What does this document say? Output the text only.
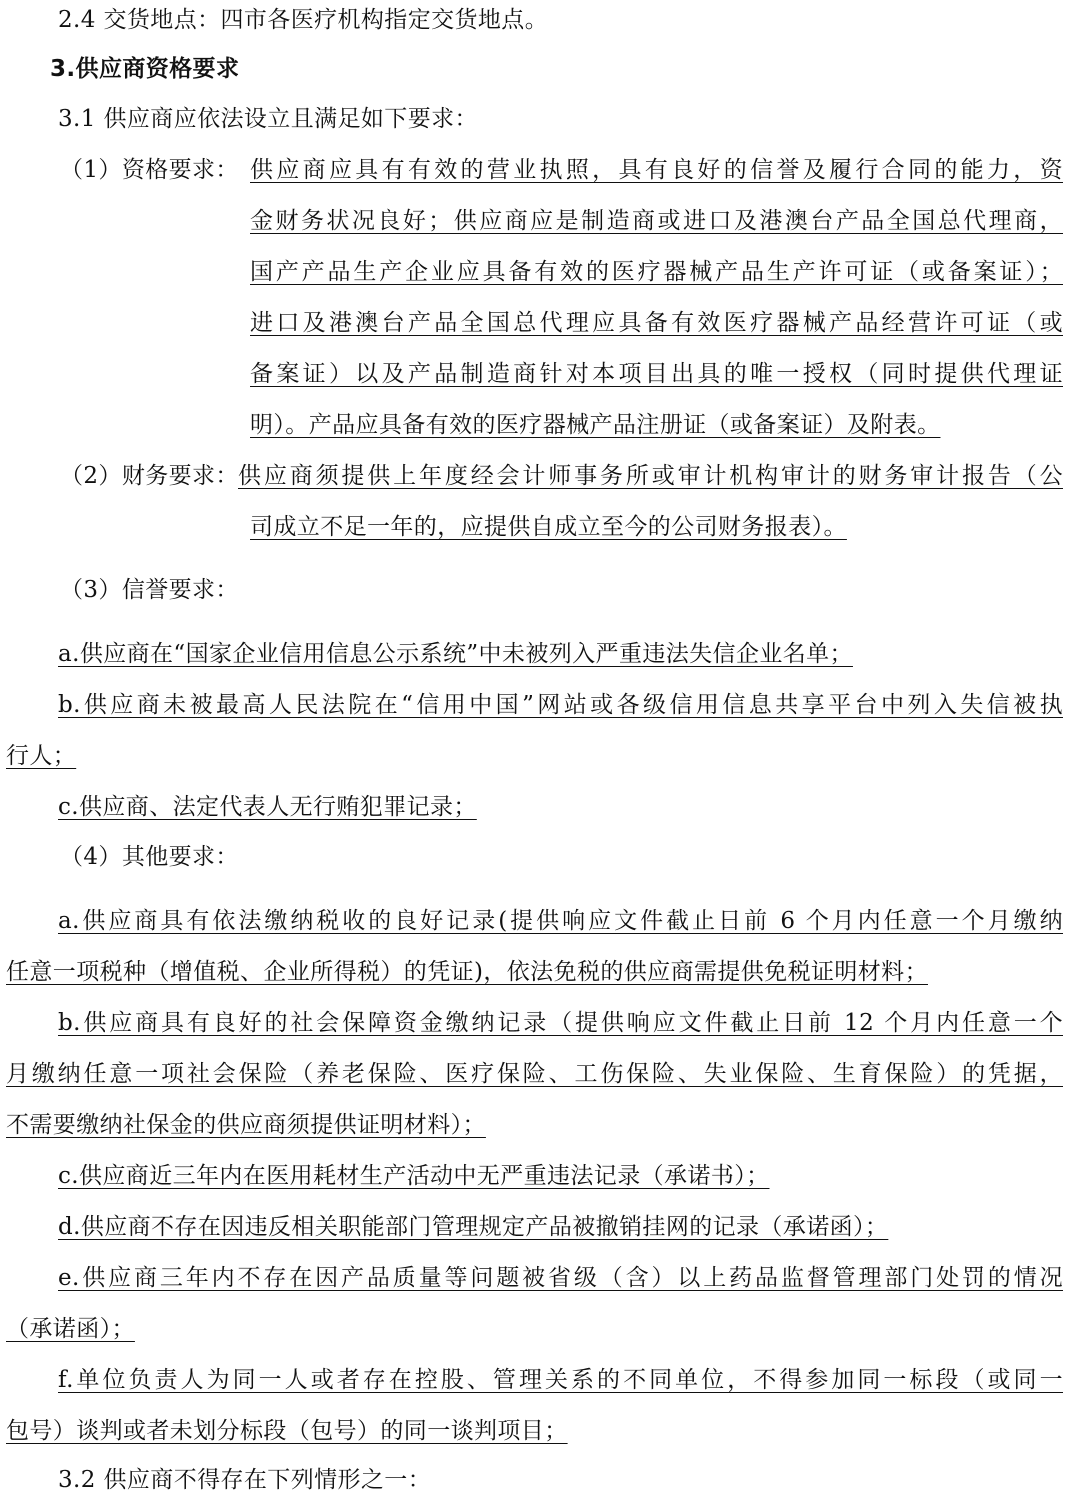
2.4 交货地点：四市各医疗机构指定交货地点。
3.供应商资格要求
3.1 供应商应依法设立且满足如下要求：
（1）资格要求： 供应商应具有有效的营业执照，具有良好的信誉及履行合同的能力，资
金财务状况良好；供应商应是制造商或进口及港澳台产品全国总代理商，
国产产品生产企业应具备有效的医疗器械产品生产许可证（或备案证）；
进口及港澳台产品全国总代理应具备有效医疗器械产品经营许可证（或
备案证）以及产品制造商针对本项目出具的唯一授权（同时提供代理证
明）。产品应具备有效的医疗器械产品注册证（或备案证）及附表。
（2）财务要求： 供应商须提供上年度经会计师事务所或审计机构审计的财务审计报告（公
司成立不足一年的，应提供自成立至今的公司财务报表）。
（3）信誉要求：
a.供应商在“国家企业信用信息公示系统”中未被列入严重违法失信企业名单；
b.供应商未被最高人民法院在“信用中国”网站或各级信用信息共享平台中列入失信被执
行人；
c.供应商、法定代表人无行贿犯罪记录；
（4）其他要求：
a.供应商具有依法缴纳税收的良好记录(提供响应文件截止日前 6 个月内任意一个月缴纳
任意一项税种（增值税、企业所得税）的凭证)，依法免税的供应商需提供免税证明材料；
b.供应商具有良好的社会保障资金缴纳记录（提供响应文件截止日前 12 个月内任意一个
月缴纳任意一项社会保险（养老保险、医疗保险、工伤保险、失业保险、生育保险）的凭据，
不需要缴纳社保金的供应商须提供证明材料）；
c.供应商近三年内在医用耗材生产活动中无严重违法记录（承诺书）；
d.供应商不存在因违反相关职能部门管理规定产品被撤销挂网的记录（承诺函）；
e.供应商三年内不存在因产品质量等问题被省级（含）以上药品监督管理部门处罚的情况
（承诺函）；
f.单位负责人为同一人或者存在控股、管理关系的不同单位，不得参加同一标段（或同一
包号）谈判或者未划分标段（包号）的同一谈判项目；
3.2 供应商不得存在下列情形之一：
